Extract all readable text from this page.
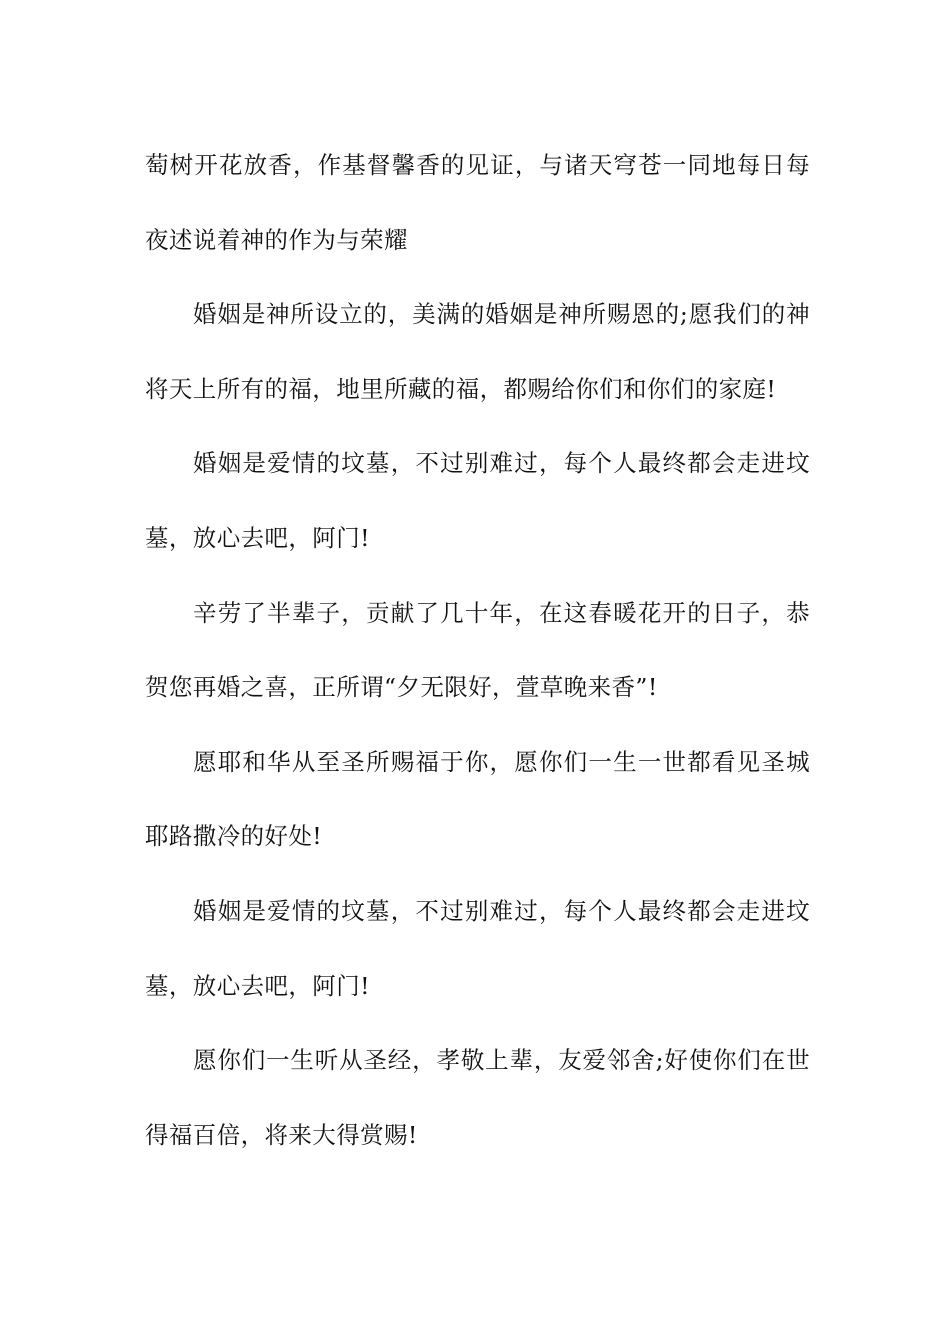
萄树开花放香，作基督馨香的见证，与诸天穹苍一同地每日每夜述说着神的作为与荣耀

婚姻是神所设立的，美满的婚姻是神所赐恩的;愿我们的神将天上所有的福，地里所藏的福，都赐给你们和你们的家庭!

婚姻是爱情的坟墓，不过别难过，每个人最终都会走进坟墓，放心去吧，阿门!

辛劳了半辈子，贡献了几十年，在这春暖花开的日子，恭贺您再婚之喜，正所谓“夕无限好，萱草晚来香”!

愿耶和华从至圣所赐福于你，愿你们一生一世都看见圣城耶路撒冷的好处!

婚姻是爱情的坟墓，不过别难过，每个人最终都会走进坟墓，放心去吧，阿门!

愿你们一生听从圣经，孝敬上辈，友爱邻舍;好使你们在世得福百倍，将来大得赏赐!
